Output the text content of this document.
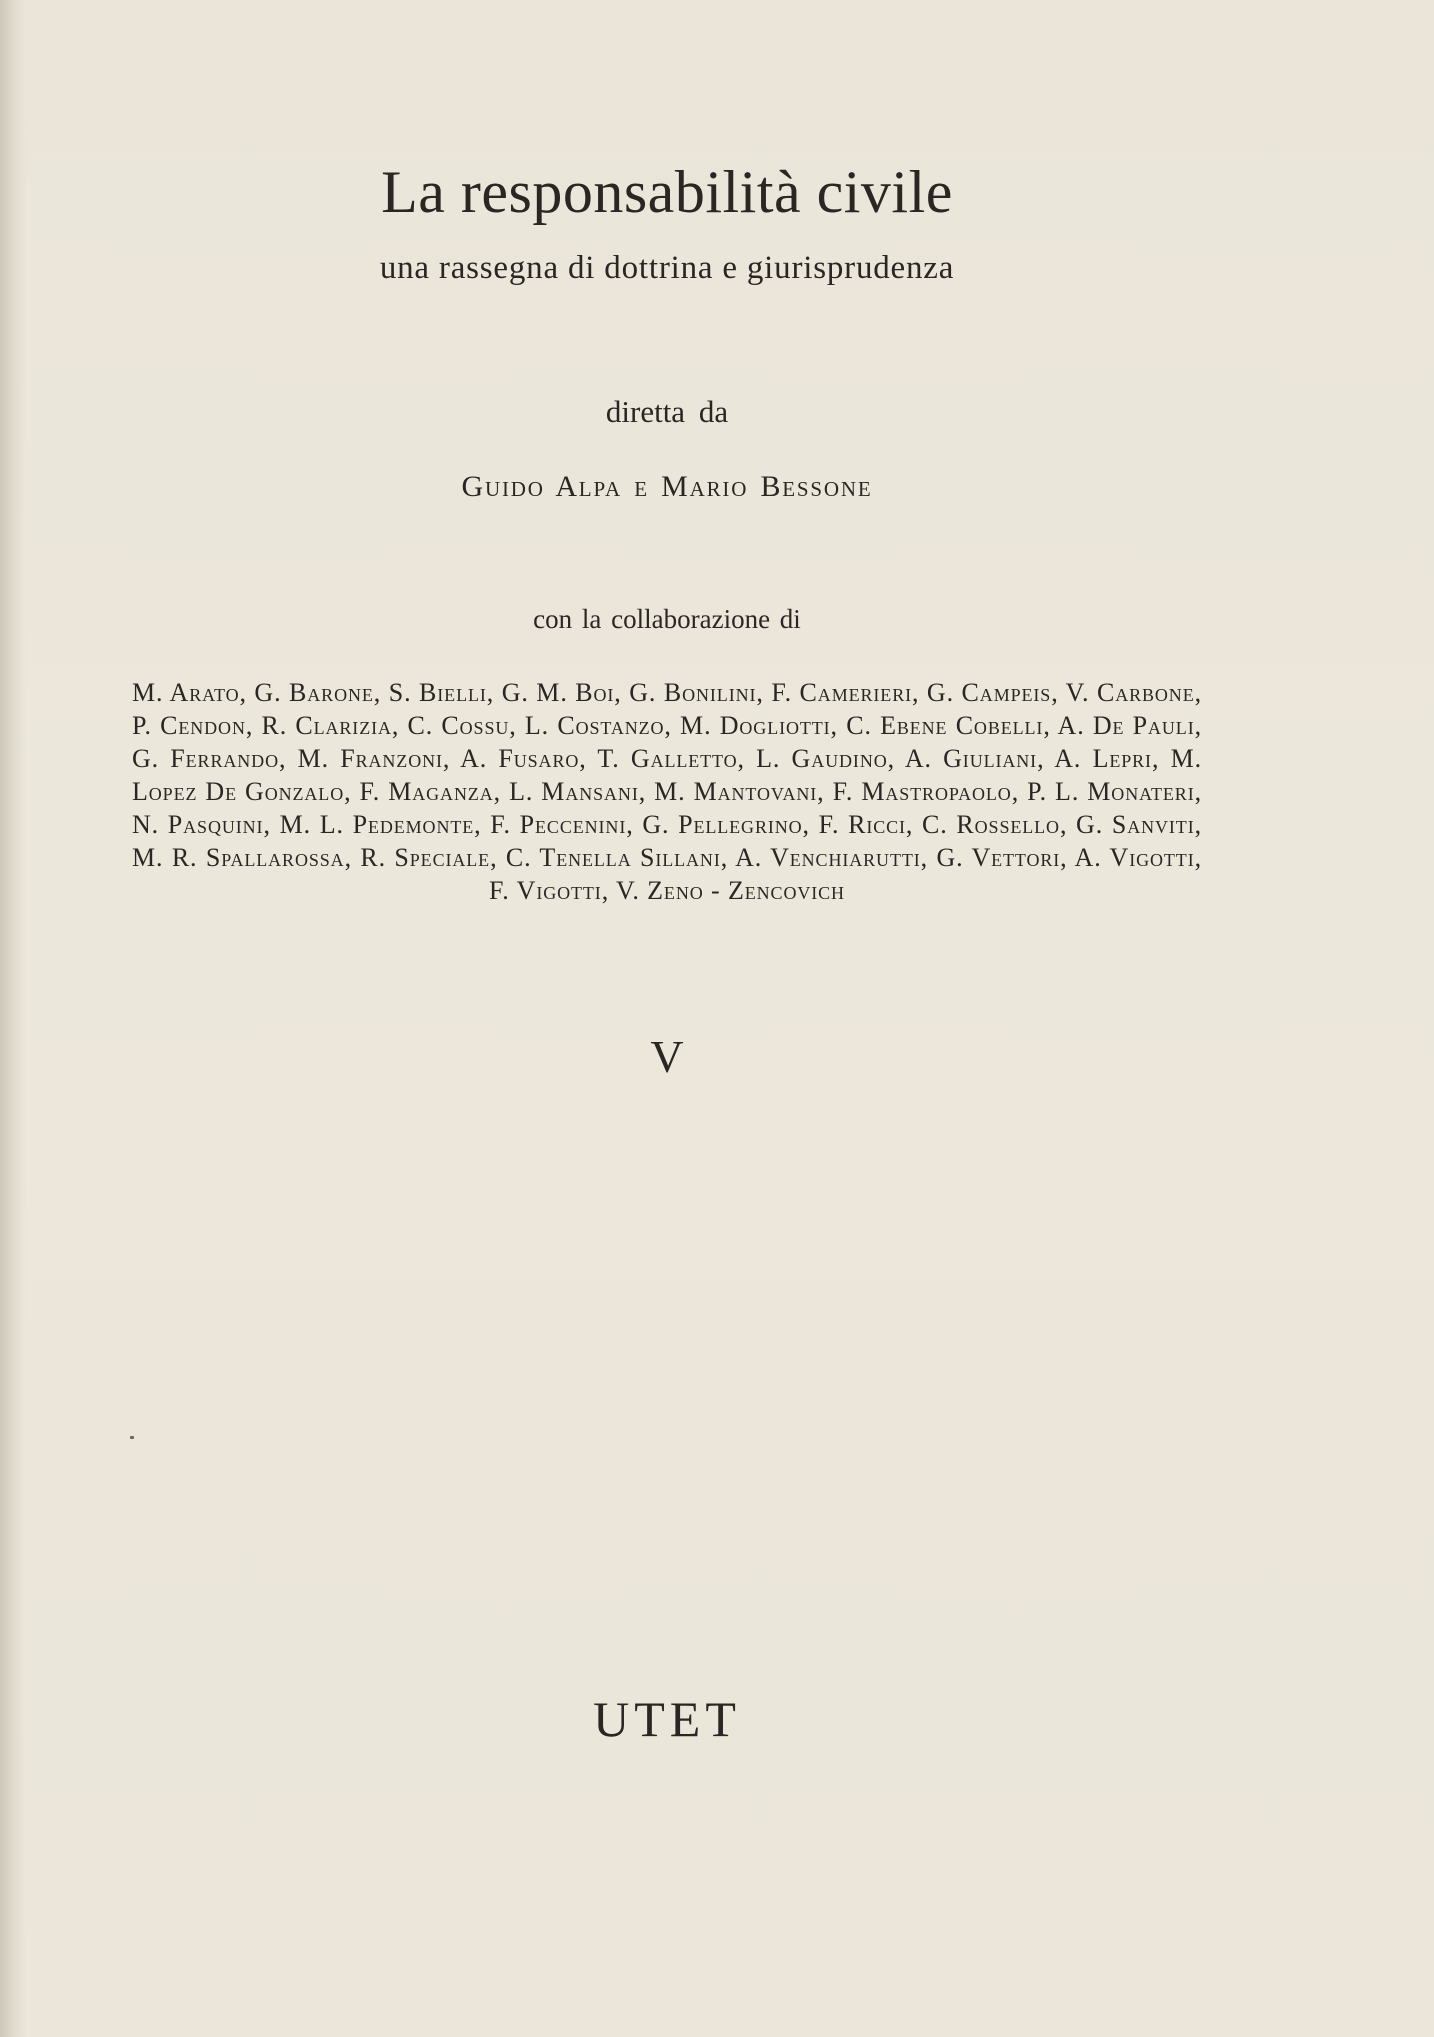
La responsabilità civile
una rassegna di dottrina e giurisprudenza
diretta da
Guido Alpa e Mario Bessone
con la collaborazione di
M. Arato, G. Barone, S. Bielli, G. M. Boi, G. Bonilini, F. Camerieri, G. Campeis, V. Carbone, P. Cendon, R. Clarizia, C. Cossu, L. Costanzo, M. Dogliotti, C. Ebene Cobelli, A. De Pauli, G. Ferrando, M. Franzoni, A. Fusaro, T. Galletto, L. Gaudino, A. Giuliani, A. Lepri, M. Lopez De Gonzalo, F. Maganza, L. Mansani, M. Mantovani, F. Mastropaolo, P. L. Monateri, N. Pasquini, M. L. Pedemonte, F. Peccenini, G. Pellegrino, F. Ricci, C. Rossello, G. Sanviti, M. R. Spallarossa, R. Speciale, C. Tenella Sillani, A. Venchiarutti, G. Vettori, A. Vigotti, F. Vigotti, V. Zeno - Zencovich
V
UTET
